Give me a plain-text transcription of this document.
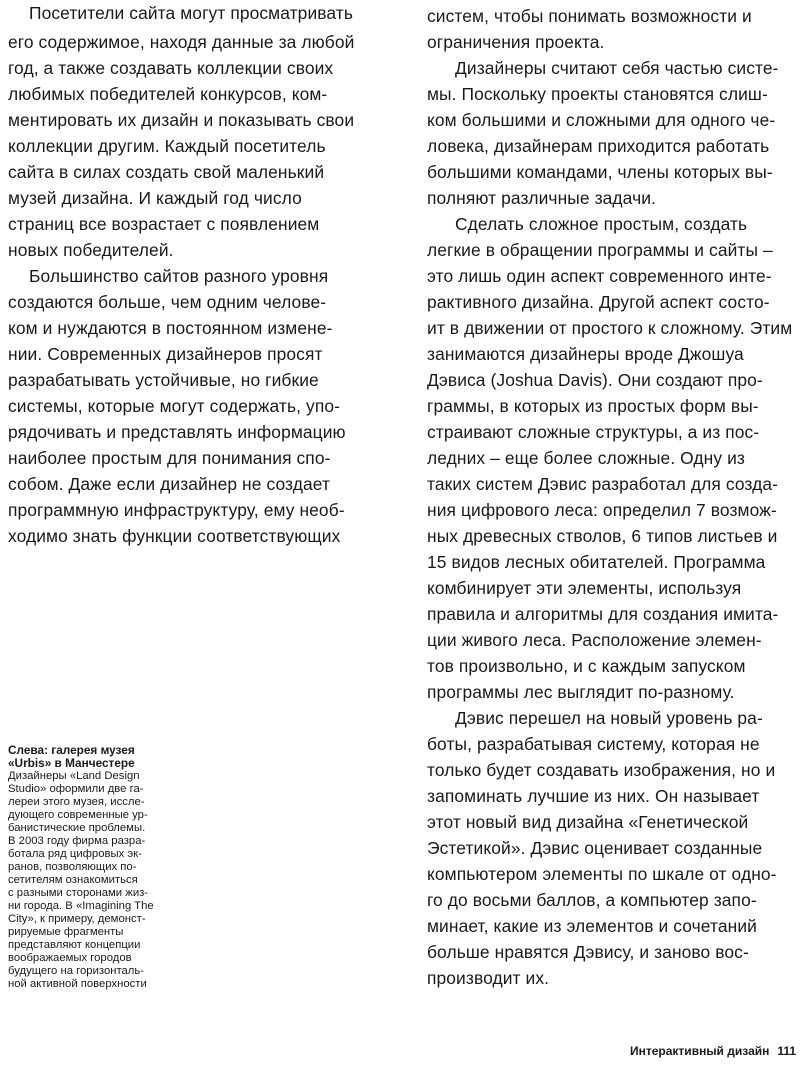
Посетители сайта могут просматривать
его содержимое, находя данные за любой
год, а также создавать коллекции своих
любимых победителей конкурсов, ком-
ментировать их дизайн и показывать свои
коллекции другим. Каждый посетитель
сайта в силах создать свой маленький
музей дизайна. И каждый год число
страниц все возрастает с появлением
новых победителей.
Большинство сайтов разного уровня
создаются больше, чем одним челове-
ком и нуждаются в постоянном измене-
нии. Современных дизайнеров просят
разрабатывать устойчивые, но гибкие
системы, которые могут содержать, упо-
рядочивать и представлять информацию
наиболее простым для понимания спо-
собом. Даже если дизайнер не создает
программную инфраструктуру, ему необ-
ходимо знать функции соответствующих
систем, чтобы понимать возможности и
ограничения проекта.
Дизайнеры считают себя частью систе-
мы. Поскольку проекты становятся слиш-
ком большими и сложными для одного че-
ловека, дизайнерам приходится работать
большими командами, члены которых вы-
полняют различные задачи.
Сделать сложное простым, создать
легкие в обращении программы и сайты –
это лишь один аспект современного инте-
рактивного дизайна. Другой аспект состо-
ит в движении от простого к сложному. Этим
занимаются дизайнеры вроде Джошуа
Дэвиса (Joshua Davis). Они создают про-
граммы, в которых из простых форм вы-
страивают сложные структуры, а из пос-
ледних – еще более сложные. Одну из
таких систем Дэвис разработал для созда-
ния цифрового леса: определил 7 возмож-
ных древесных стволов, 6 типов листьев и
15 видов лесных обитателей. Программа
комбинирует эти элементы, используя
правила и алгоритмы для создания имита-
ции живого леса. Расположение элемен-
тов произвольно, и с каждым запуском
программы лес выглядит по-разному.
Дэвис перешел на новый уровень ра-
боты, разрабатывая систему, которая не
только будет создавать изображения, но и
запоминать лучшие из них. Он называет
этот новый вид дизайна «Генетической
Эстетикой». Дэвис оценивает созданные
компьютером элементы по шкале от одно-
го до восьми баллов, а компьютер запо-
минает, какие из элементов и сочетаний
больше нравятся Дэвису, и заново вос-
производит их.
Слева: галерея музея
«Urbis» в Манчестере
Дизайнеры «Land Design
Studio» оформили две га-
лереи этого музея, иссле-
дующего современные ур-
банистические проблемы.
В 2003 году фирма разра-
ботала ряд цифровых эк-
ранов, позволяющих по-
сетителям ознакомиться
с разными сторонами жиз-
ни города. В «Imagining The
City», к примеру, демонст-
рируемые фрагменты
представляют концепции
воображаемых городов
будущего на горизонталь-
ной активной поверхности
Интерактивный дизайн 111
